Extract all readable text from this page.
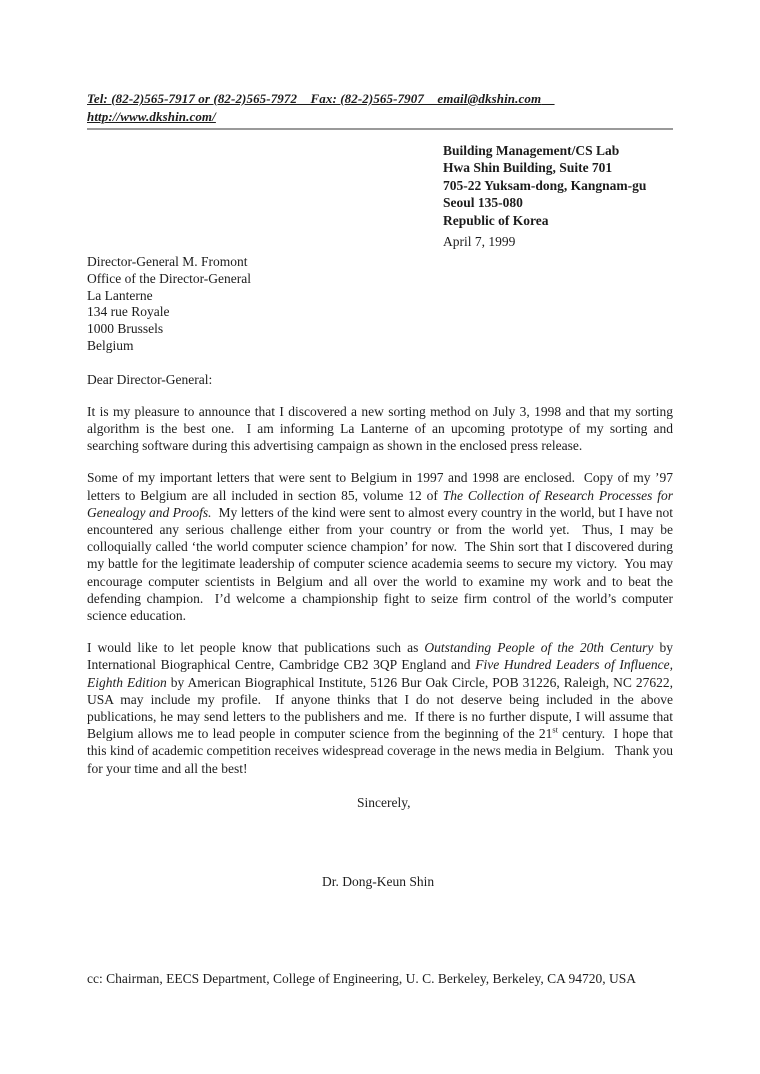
Tel: (82-2)565-7917 or (82-2)565-7972    Fax: (82-2)565-7907    email@dkshin.com    http://www.dkshin.com/
Building Management/CS Lab
Hwa Shin Building, Suite 701
705-22 Yuksam-dong, Kangnam-gu
Seoul 135-080
Republic of Korea
April 7, 1999
Director-General M. Fromont
Office of the Director-General
La Lanterne
134 rue Royale
1000 Brussels
Belgium
Dear Director-General:

It is my pleasure to announce that I discovered a new sorting method on July 3, 1998 and that my sorting algorithm is the best one.  I am informing La Lanterne of an upcoming prototype of my sorting and searching software during this advertising campaign as shown in the enclosed press release.

Some of my important letters that were sent to Belgium in 1997 and 1998 are enclosed.  Copy of my ’97 letters to Belgium are all included in section 85, volume 12 of The Collection of Research Processes for Genealogy and Proofs.  My letters of the kind were sent to almost every country in the world, but I have not encountered any serious challenge either from your country or from the world yet.  Thus, I may be colloquially called ‘the world computer science champion’ for now.  The Shin sort that I discovered during my battle for the legitimate leadership of computer science academia seems to secure my victory.  You may encourage computer scientists in Belgium and all over the world to examine my work and to beat the defending champion.  I’d welcome a championship fight to seize firm control of the world’s computer science education.

I would like to let people know that publications such as Outstanding People of the 20th Century by International Biographical Centre, Cambridge CB2 3QP England and Five Hundred Leaders of Influence, Eighth Edition by American Biographical Institute, 5126 Bur Oak Circle, POB 31226, Raleigh, NC 27622, USA may include my profile.  If anyone thinks that I do not deserve being included in the above publications, he may send letters to the publishers and me.  If there is no further dispute, I will assume that Belgium allows me to lead people in computer science from the beginning of the 21st century.  I hope that this kind of academic competition receives widespread coverage in the news media in Belgium.   Thank you for your time and all the best!

Sincerely,
Dr. Dong-Keun Shin
cc: Chairman, EECS Department, College of Engineering, U. C. Berkeley, Berkeley, CA 94720, USA
